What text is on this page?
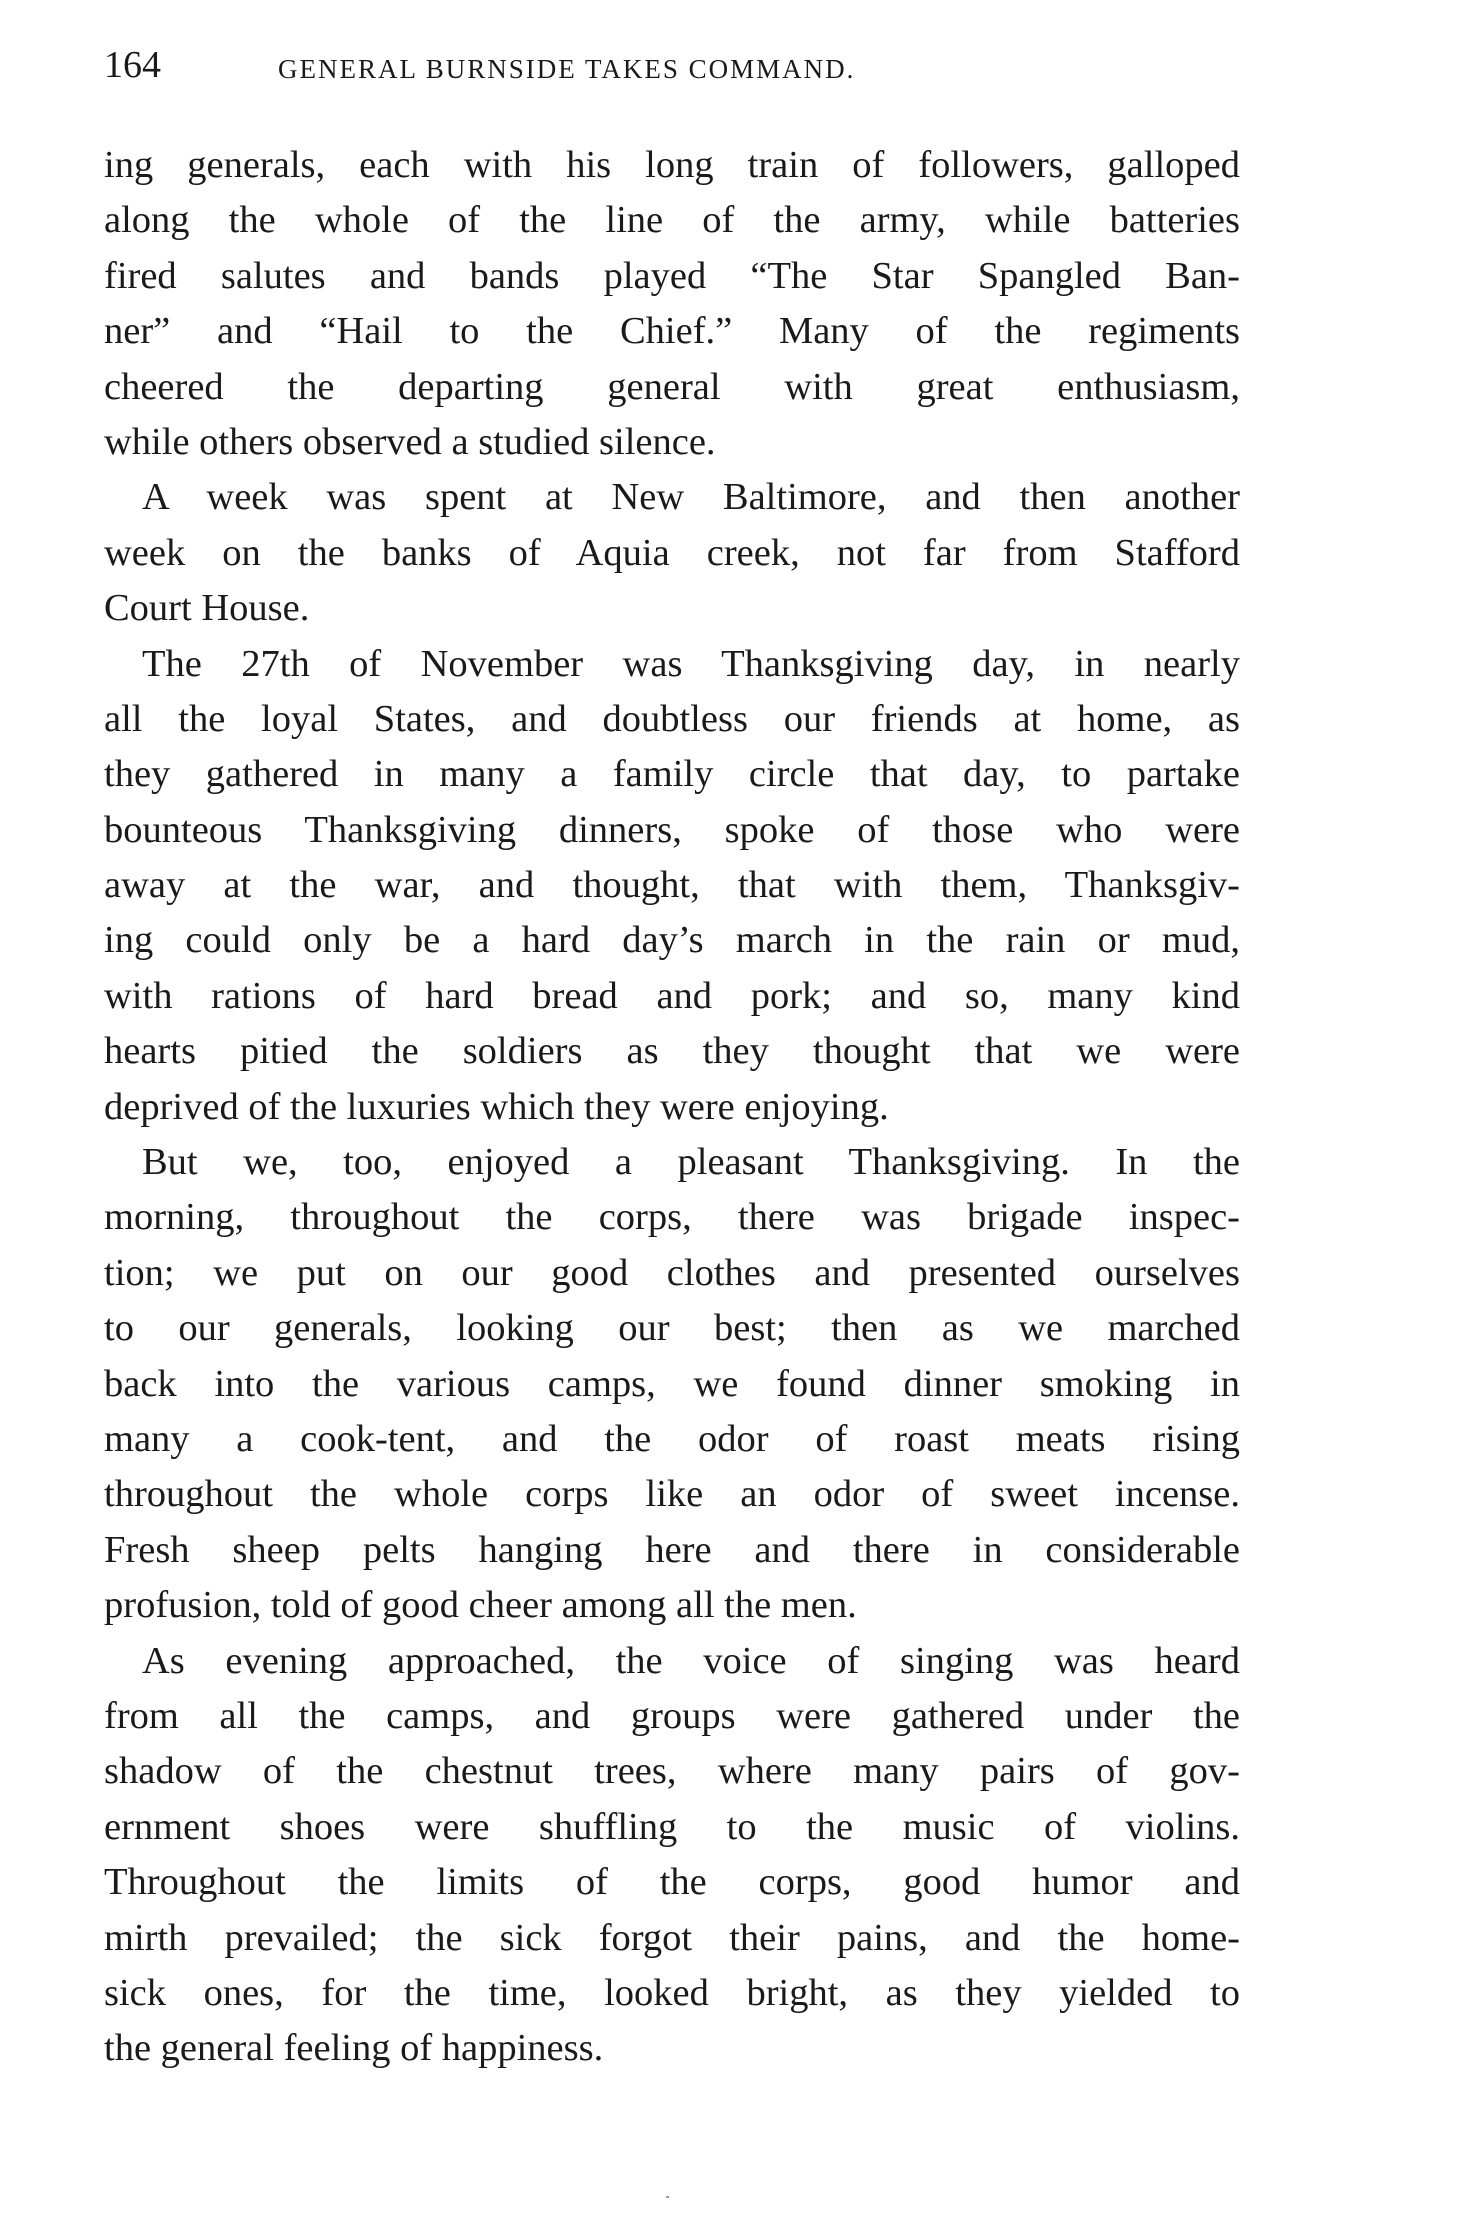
164	GENERAL BURNSIDE TAKES COMMAND.
ing generals, each with his long train of followers, galloped
along the whole of the line of the army, while batteries
fired salutes and bands played “The Star Spangled Ban-
ner” and “Hail to the Chief.” Many of the regiments
cheered the departing general with great enthusiasm,
while others observed a studied silence.
A week was spent at New Baltimore, and then another
week on the banks of Aquia creek, not far from Stafford
Court House.
The 27th of November was Thanksgiving day, in nearly
all the loyal States, and doubtless our friends at home, as
they gathered in many a family circle that day, to partake
bounteous Thanksgiving dinners, spoke of those who were
away at the war, and thought, that with them, Thanksgiv-
ing could only be a hard day’s march in the rain or mud,
with rations of hard bread and pork; and so, many kind
hearts pitied the soldiers as they thought that we were
deprived of the luxuries which they were enjoying.
But we, too, enjoyed a pleasant Thanksgiving. In the
morning, throughout the corps, there was brigade inspec-
tion; we put on our good clothes and presented ourselves
to our generals, looking our best; then as we marched
back into the various camps, we found dinner smoking in
many a cook-tent, and the odor of roast meats rising
throughout the whole corps like an odor of sweet incense.
Fresh sheep pelts hanging here and there in considerable
profusion, told of good cheer among all the men.
As evening approached, the voice of singing was heard
from all the camps, and groups were gathered under the
shadow of the chestnut trees, where many pairs of gov-
ernment shoes were shuffling to the music of violins.
Throughout the limits of the corps, good humor and
mirth prevailed; the sick forgot their pains, and the home-
sick ones, for the time, looked bright, as they yielded to
the general feeling of happiness.
